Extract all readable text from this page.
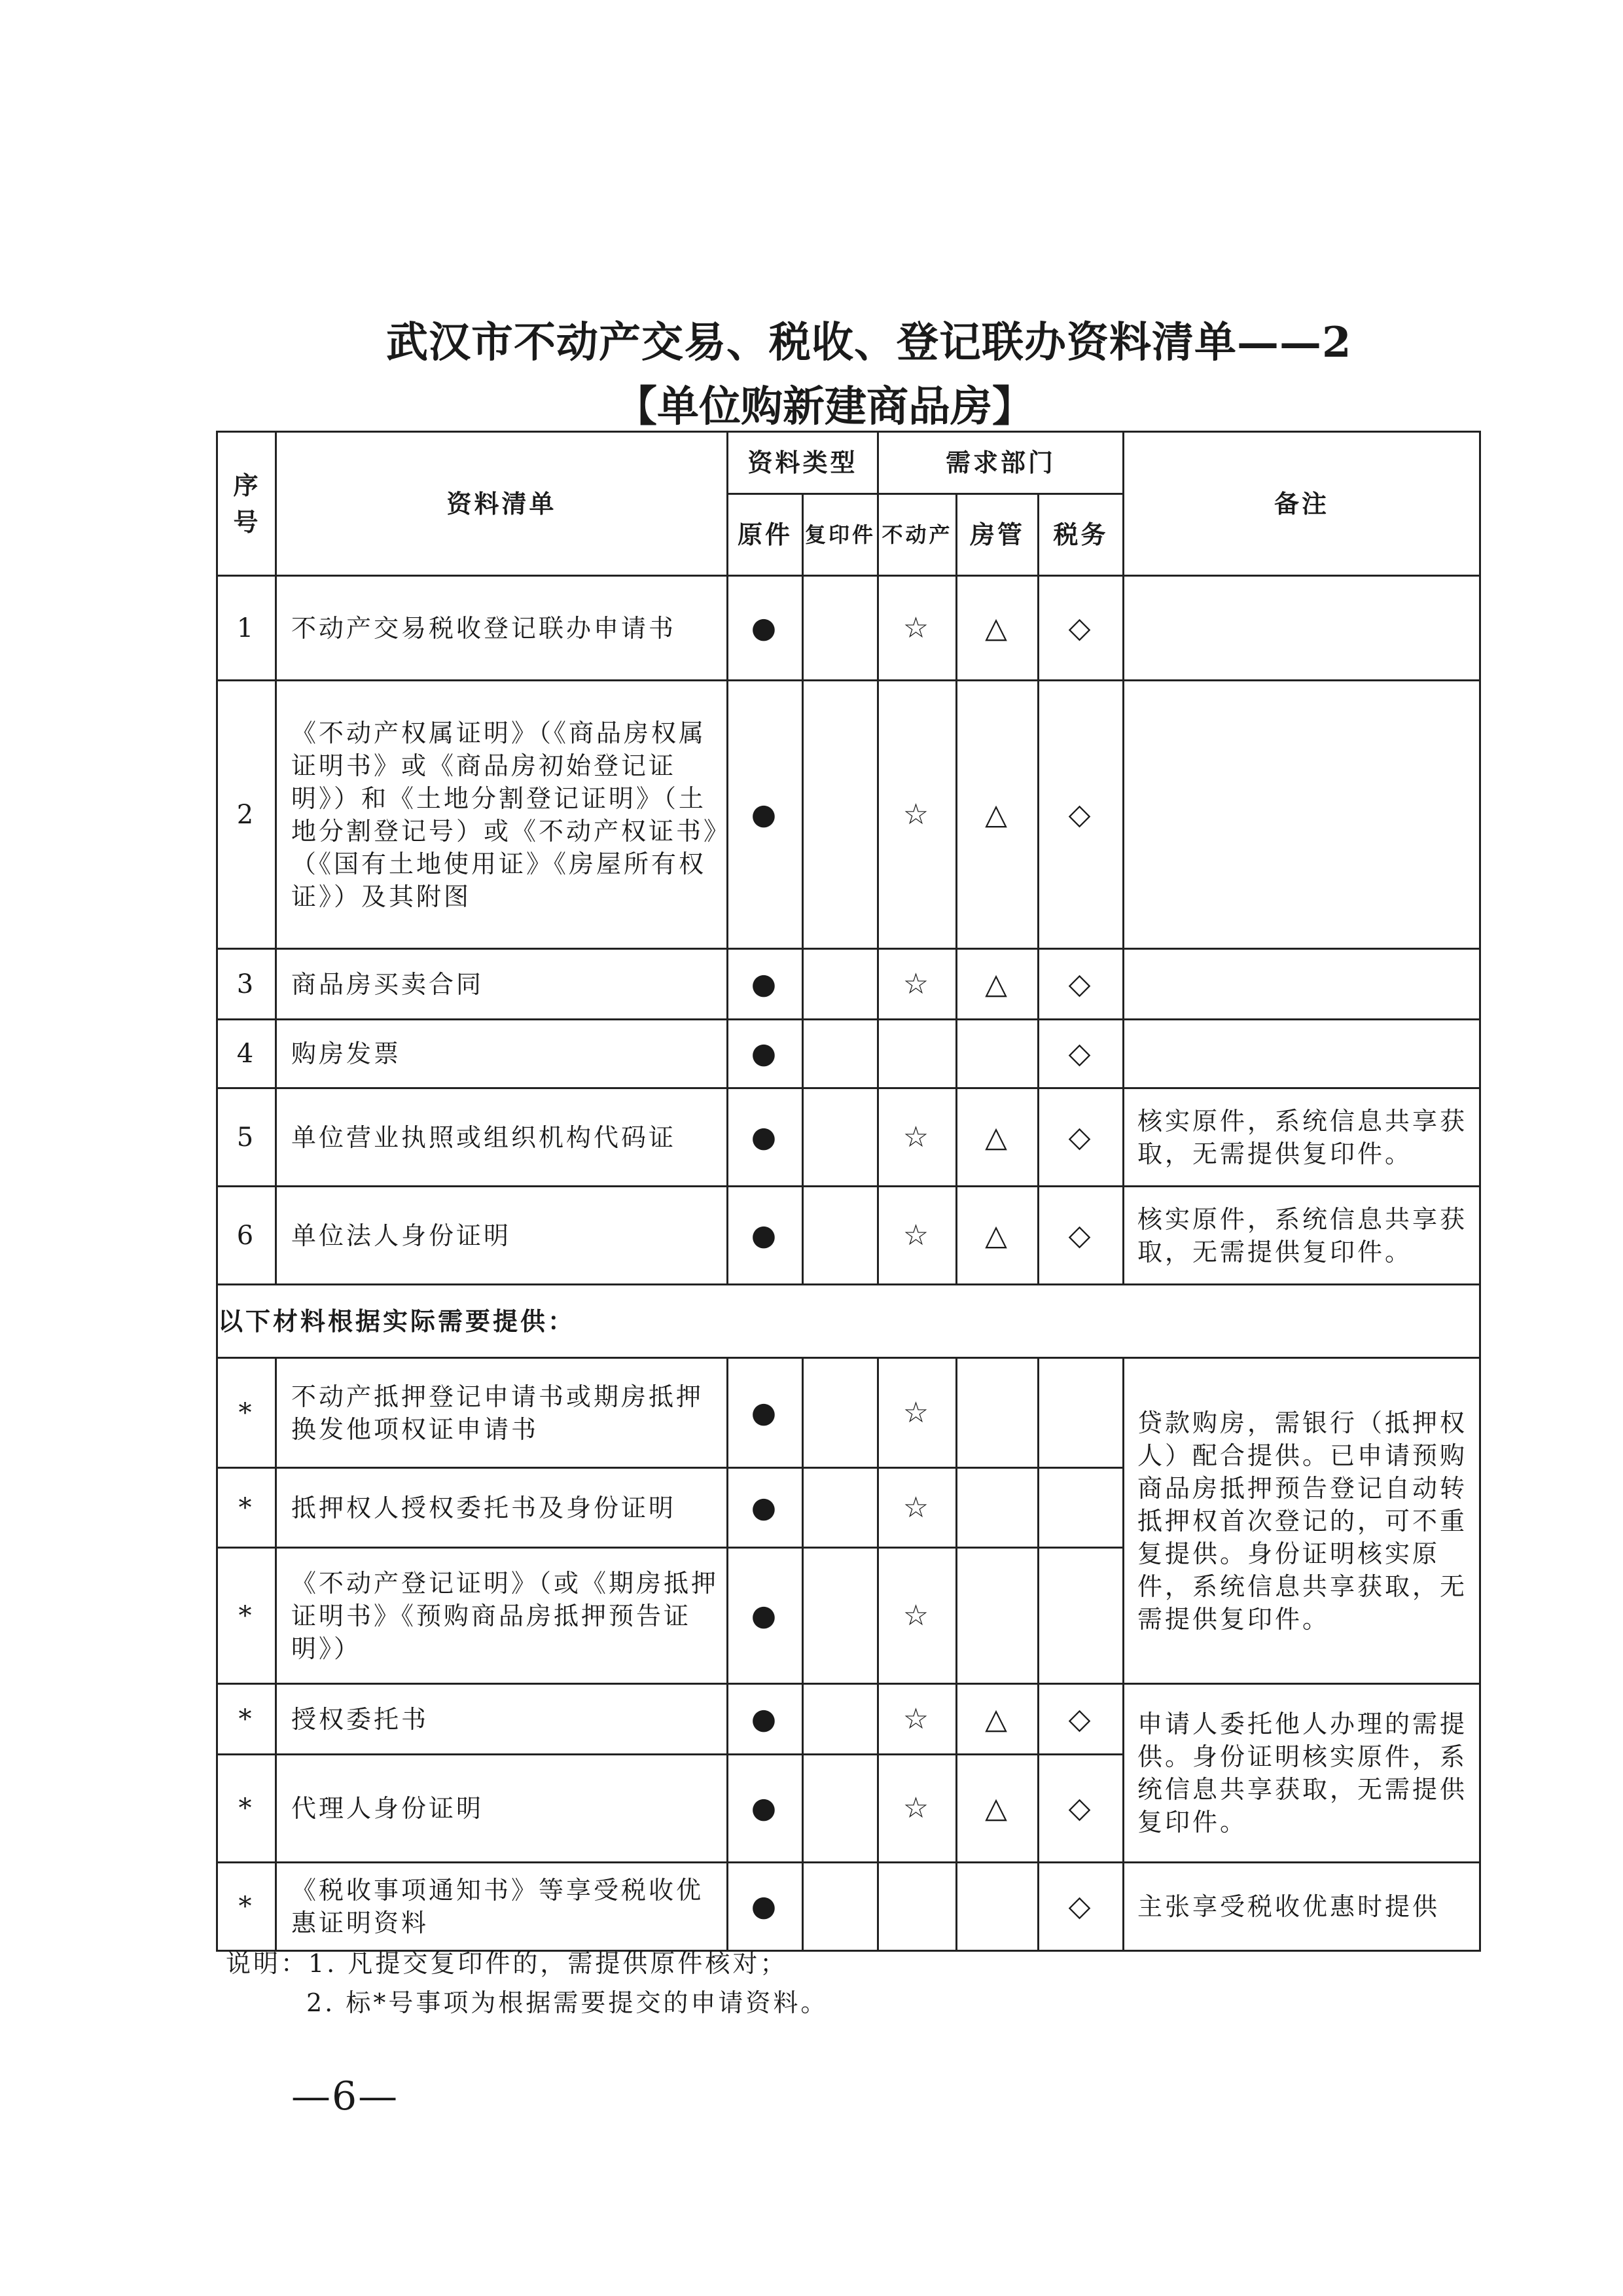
武汉市不动产交易、税收、登记联办资料清单——2
【单位购新建商品房】
序号	资料清单	资料类型		需求部门			备注
		原件	复印件	不动产	房管	税务	
1	不动产交易税收登记联办申请书	●		☆	△	◇	
2	《不动产权属证明》（《商品房权属证明书》或《商品房初始登记证明》）和《土地分割登记证明》（土地分割登记号）或《不动产权证书》（《国有土地使用证》《房屋所有权证》）及其附图	●		☆	△	◇	
3	商品房买卖合同	●		☆	△	◇	
4	购房发票	●				◇	
5	单位营业执照或组织机构代码证	●		☆	△	◇	核实原件，系统信息共享获取，无需提供复印件。
6	单位法人身份证明	●		☆	△	◇	核实原件，系统信息共享获取，无需提供复印件。
以下材料根据实际需要提供：							
*	不动产抵押登记申请书或期房抵押换发他项权证申请书	●		☆			贷款购房，需银行（抵押权人）配合提供。已申请预购商品房抵押预告登记自动转抵押权首次登记的，可不重复提供。身份证明核实原件，系统信息共享获取，无需提供复印件。
*	抵押权人授权委托书及身份证明	●		☆			
*	《不动产登记证明》（或《期房抵押证明书》《预购商品房抵押预告证明》）	●		☆			
*	授权委托书	●		☆	△	◇	申请人委托他人办理的需提供。身份证明核实原件，系统信息共享获取，无需提供复印件。
*	代理人身份证明	●		☆	△	◇	
*	《税收事项通知书》等享受税收优惠证明资料	●				◇	主张享受税收优惠时提供
说明：1. 凡提交复印件的，需提供原件核对；
2. 标*号事项为根据需要提交的申请资料。
—6—
